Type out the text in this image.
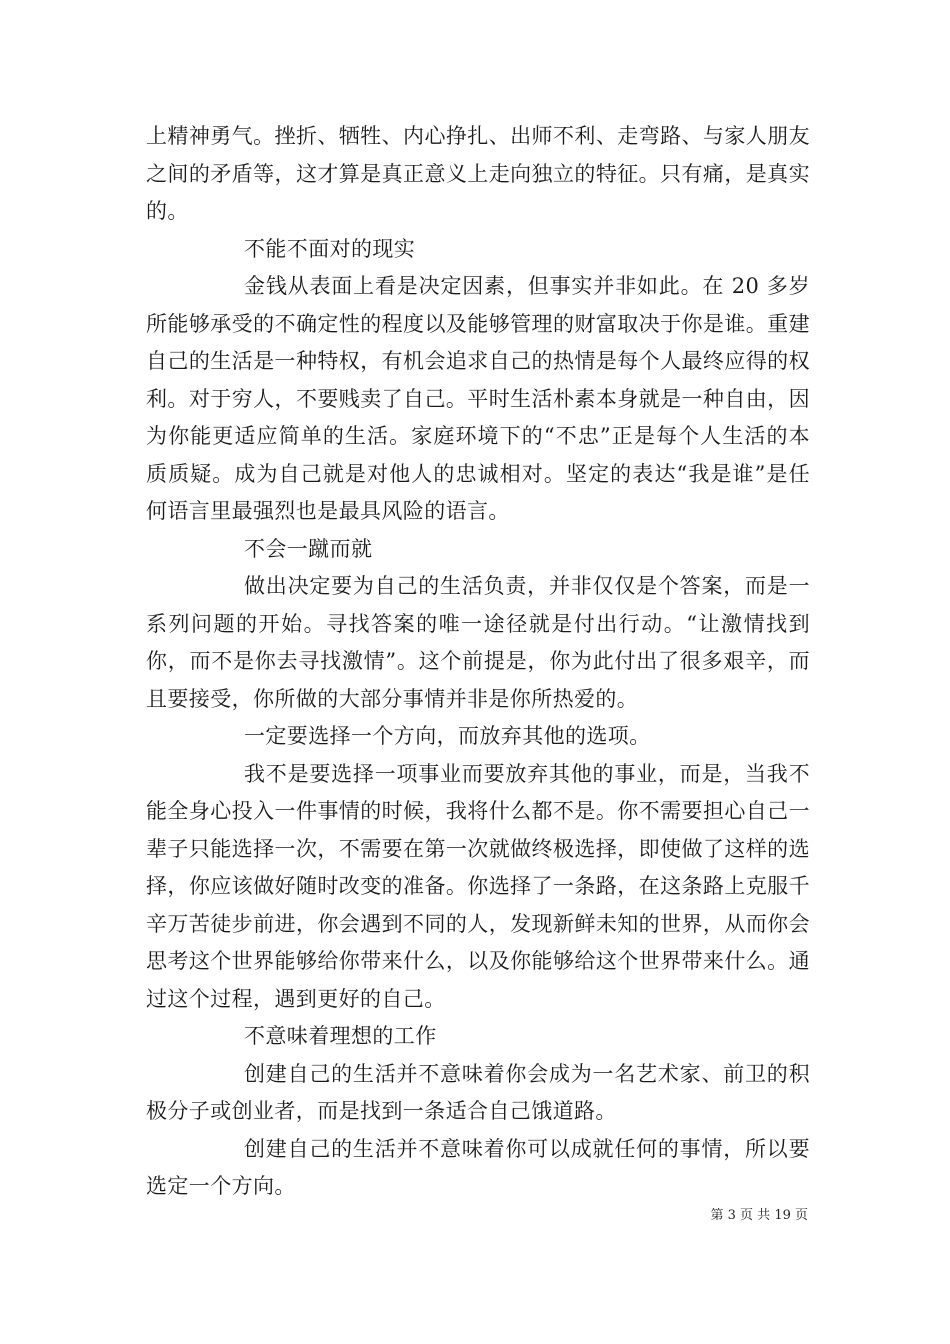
上精神勇气。挫折、牺牲、内心挣扎、出师不利、走弯路、与家人朋友之间的矛盾等，这才算是真正意义上走向独立的特征。只有痛，是真实的。

不能不面对的现实

金钱从表面上看是决定因素，但事实并非如此。在 20 多岁所能够承受的不确定性的程度以及能够管理的财富取决于你是谁。重建自己的生活是一种特权，有机会追求自己的热情是每个人最终应得的权利。对于穷人，不要贱卖了自己。平时生活朴素本身就是一种自由，因为你能更适应简单的生活。家庭环境下的“不忠”正是每个人生活的本质质疑。成为自己就是对他人的忠诚相对。坚定的表达“我是谁”是任何语言里最强烈也是最具风险的语言。

不会一蹴而就

做出决定要为自己的生活负责，并非仅仅是个答案，而是一系列问题的开始。寻找答案的唯一途径就是付出行动。“让激情找到你，而不是你去寻找激情”。这个前提是，你为此付出了很多艰辛，而且要接受，你所做的大部分事情并非是你所热爱的。

一定要选择一个方向，而放弃其他的选项。

我不是要选择一项事业而要放弃其他的事业，而是，当我不能全身心投入一件事情的时候，我将什么都不是。你不需要担心自己一辈子只能选择一次，不需要在第一次就做终极选择，即使做了这样的选择，你应该做好随时改变的准备。你选择了一条路，在这条路上克服千辛万苦徒步前进，你会遇到不同的人，发现新鲜未知的世界，从而你会思考这个世界能够给你带来什么，以及你能够给这个世界带来什么。通过这个过程，遇到更好的自己。

不意味着理想的工作

创建自己的生活并不意味着你会成为一名艺术家、前卫的积极分子或创业者，而是找到一条适合自己饿道路。

创建自己的生活并不意味着你可以成就任何的事情，所以要选定一个方向。

第 3 页 共 19 页
